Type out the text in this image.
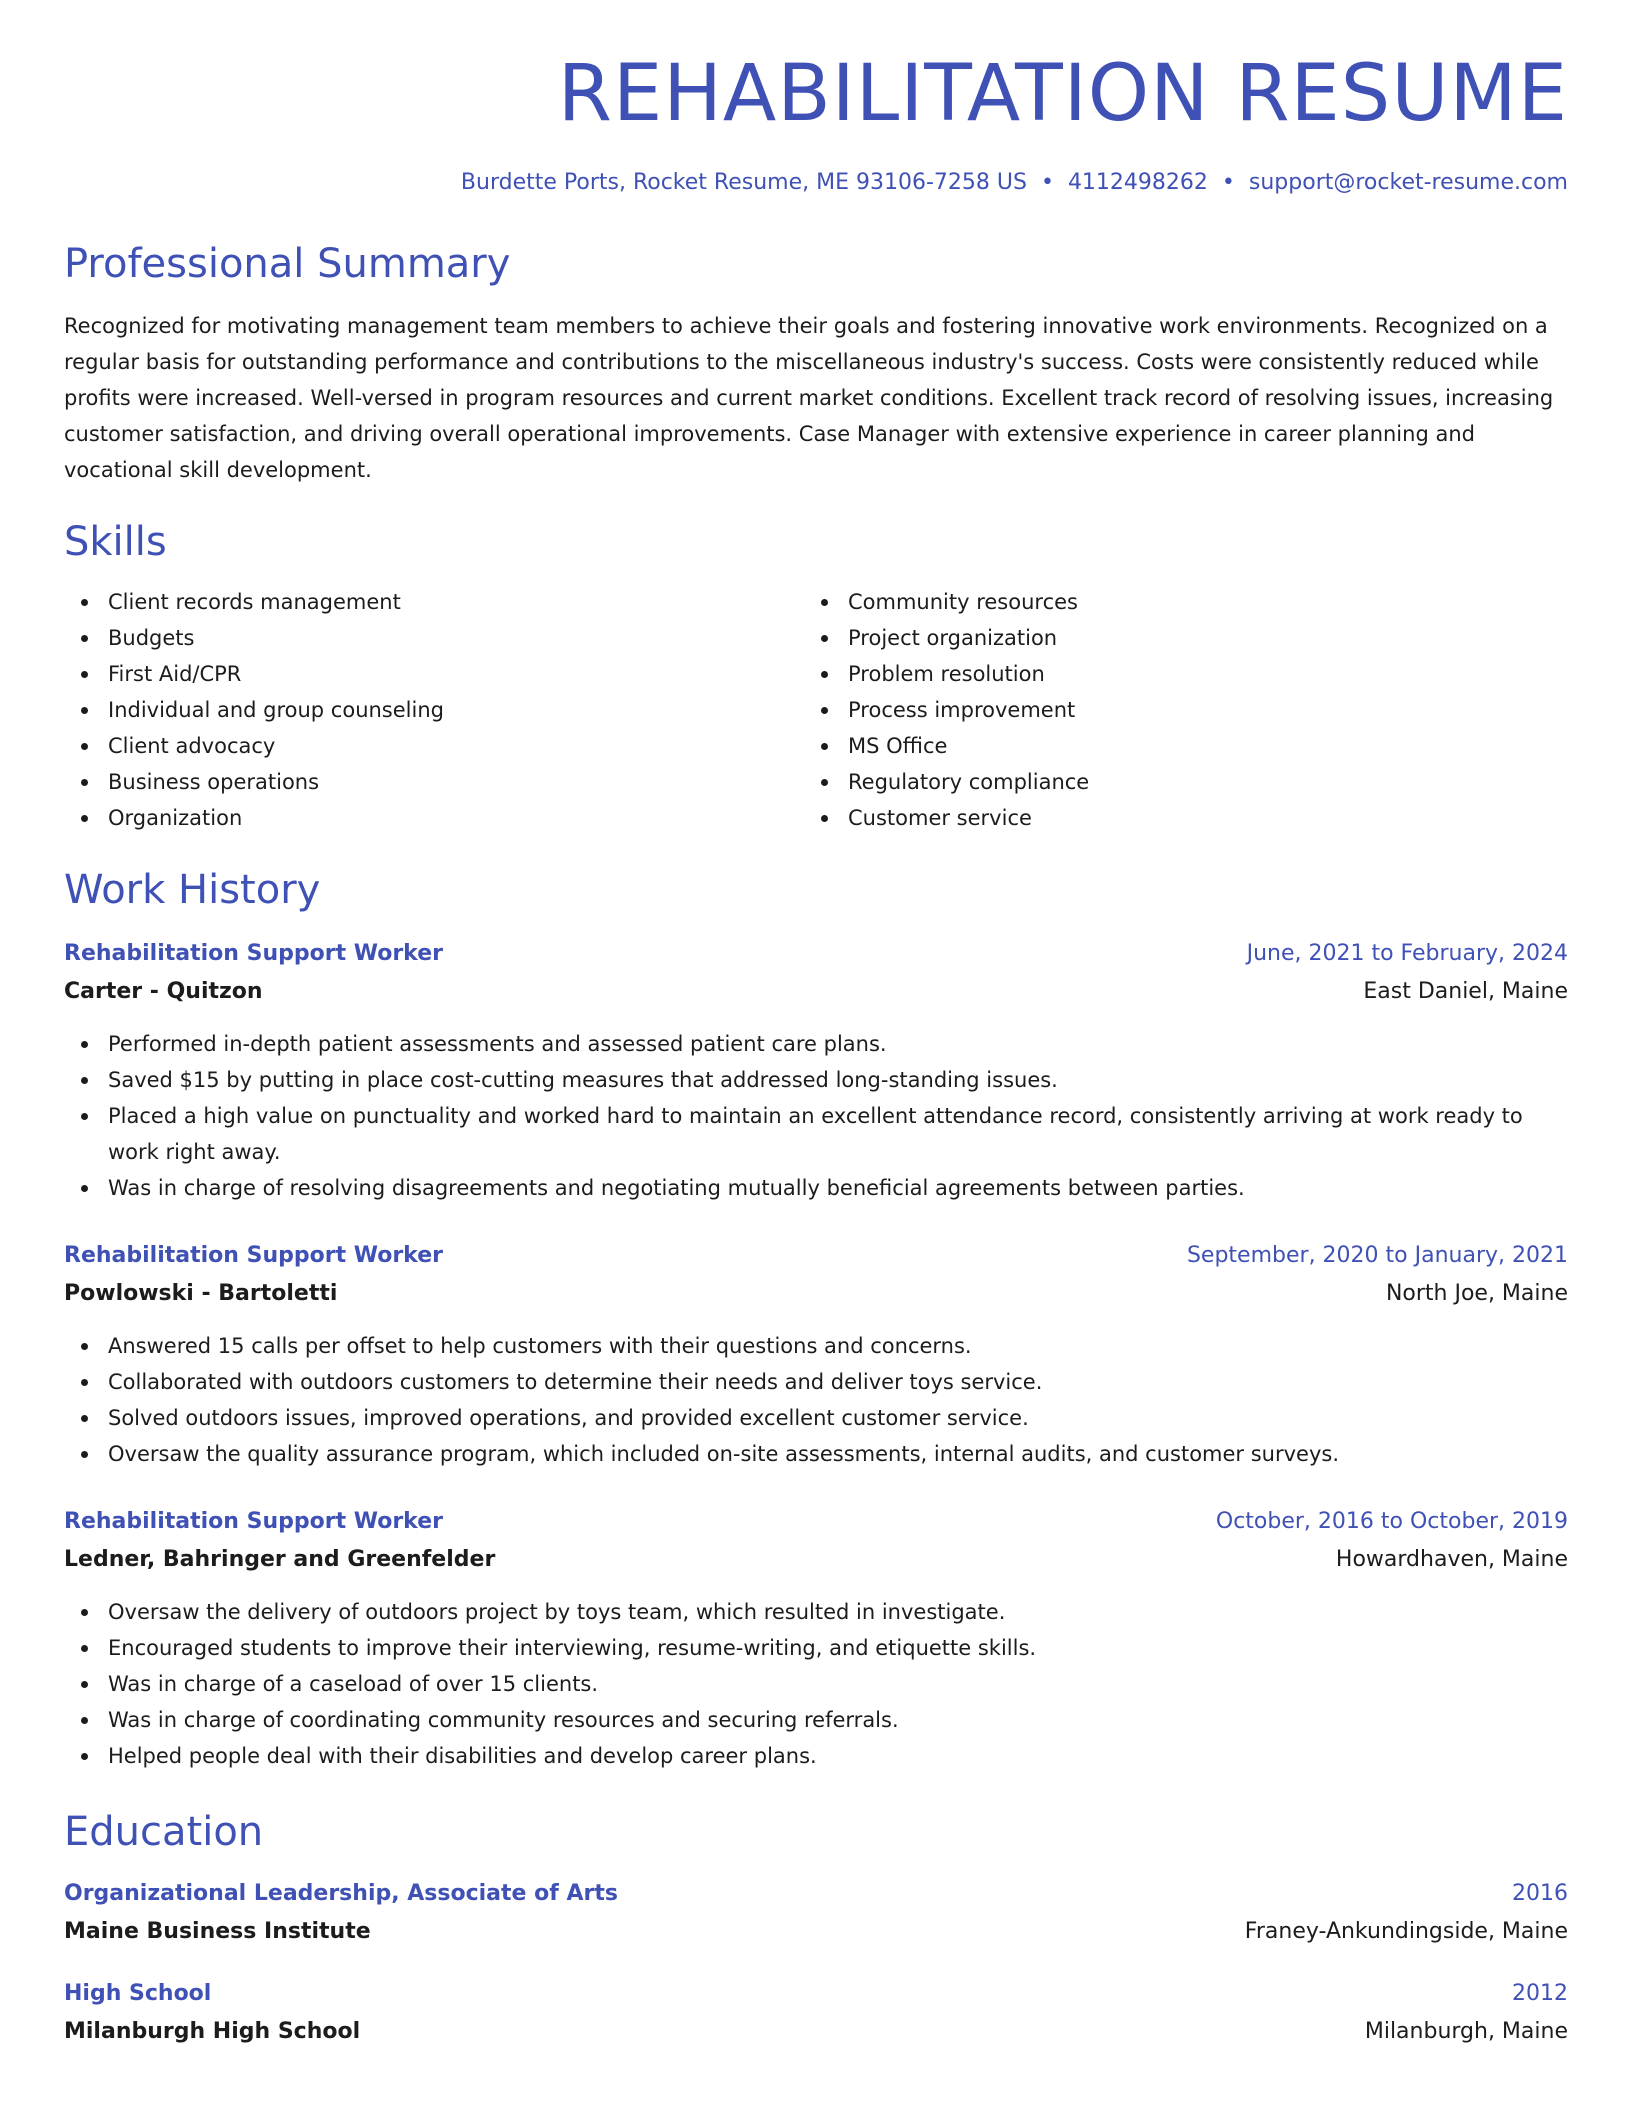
REHABILITATION RESUME
Burdette Ports, Rocket Resume, ME 93106-7258 US • 4112498262 • support@rocket-resume.com
Professional Summary

Recognized for motivating management team members to achieve their goals and fostering innovative work environments. Recognized on a regular basis for outstanding performance and contributions to the miscellaneous industry's success. Costs were consistently reduced while profits were increased. Well-versed in program resources and current market conditions. Excellent track record of resolving issues, increasing customer satisfaction, and driving overall operational improvements. Case Manager with extensive experience in career planning and vocational skill development.

Skills
Client records management
Budgets
First Aid/CPR
Individual and group counseling
Client advocacy
Business operations
Organization
Community resources
Project organization
Problem resolution
Process improvement
MS Office
Regulatory compliance
Customer service
Work History
Rehabilitation Support Worker	June, 2021 to February, 2024
Carter - Quitzon	East Daniel, Maine
Performed in-depth patient assessments and assessed patient care plans.
Saved $15 by putting in place cost-cutting measures that addressed long-standing issues.
Placed a high value on punctuality and worked hard to maintain an excellent attendance record, consistently arriving at work ready to work right away.
Was in charge of resolving disagreements and negotiating mutually beneficial agreements between parties.
Rehabilitation Support Worker	September, 2020 to January, 2021
Powlowski - Bartoletti	North Joe, Maine
Answered 15 calls per offset to help customers with their questions and concerns.
Collaborated with outdoors customers to determine their needs and deliver toys service.
Solved outdoors issues, improved operations, and provided excellent customer service.
Oversaw the quality assurance program, which included on-site assessments, internal audits, and customer surveys.
Rehabilitation Support Worker	October, 2016 to October, 2019
Ledner, Bahringer and Greenfelder	Howardhaven, Maine
Oversaw the delivery of outdoors project by toys team, which resulted in investigate.
Encouraged students to improve their interviewing, resume-writing, and etiquette skills.
Was in charge of a caseload of over 15 clients.
Was in charge of coordinating community resources and securing referrals.
Helped people deal with their disabilities and develop career plans.
Education
Organizational Leadership, Associate of Arts	2016
Maine Business Institute	Franey-Ankundingside, Maine
High School	2012
Milanburgh High School	Milanburgh, Maine
